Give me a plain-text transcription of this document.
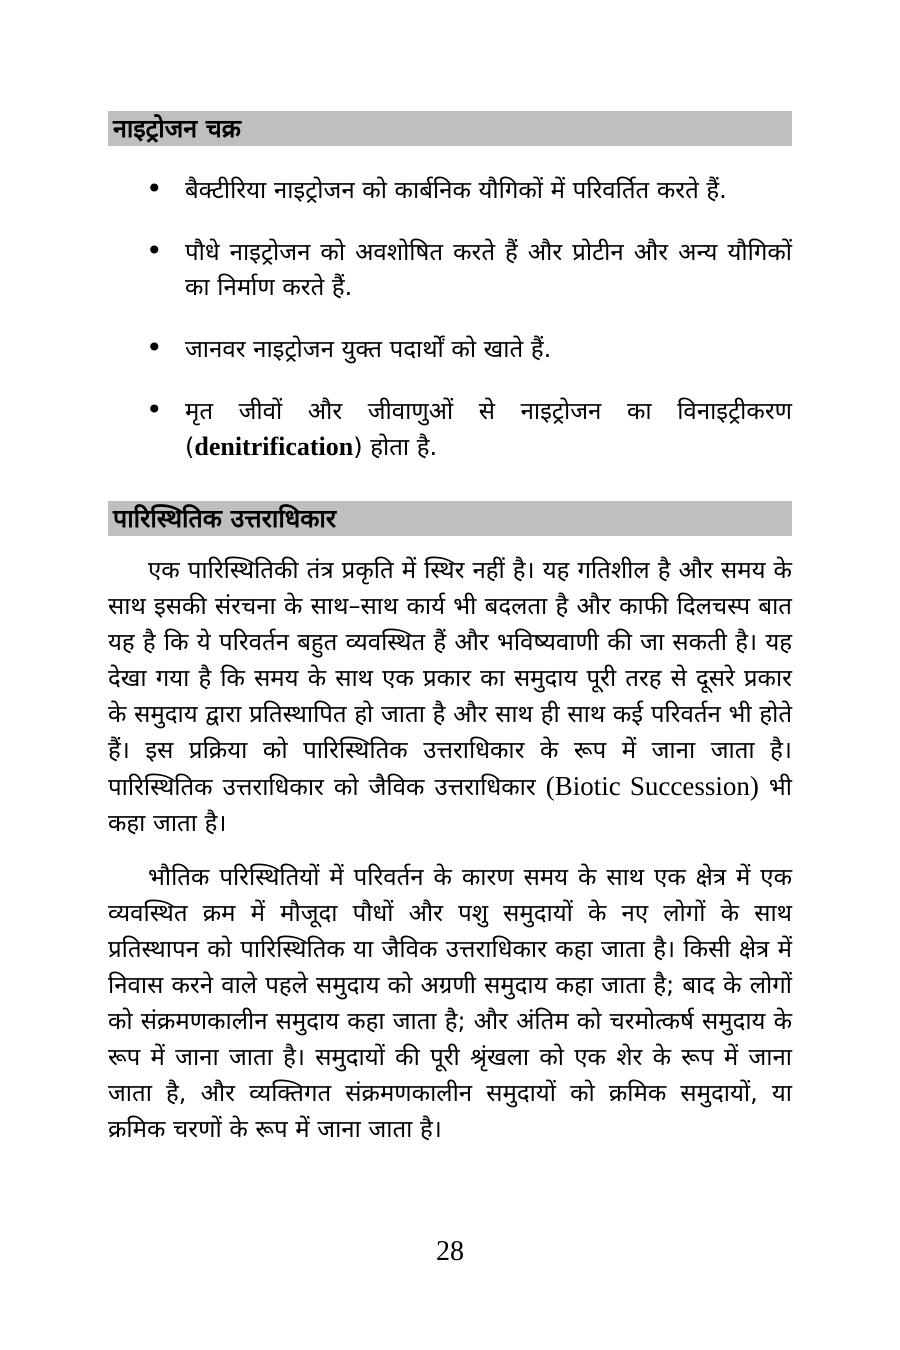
नाइट्रोजन चक्र
• बैक्टीरिया नाइट्रोजन को कार्बनिक यौगिकों में परिवर्तित करते हैं.
• पौधे नाइट्रोजन को अवशोषित करते हैं और प्रोटीन और अन्य यौगिकों का निर्माण करते हैं.
• जानवर नाइट्रोजन युक्त पदार्थों को खाते हैं.
• मृत जीवों और जीवाणुओं से नाइट्रोजन का विनाइट्रीकरण (denitrification) होता है.
पारिस्थितिक उत्तराधिकार

एक पारिस्थितिकी तंत्र प्रकृति में स्थिर नहीं है। यह गतिशील है और समय के साथ इसकी संरचना के साथ–साथ कार्य भी बदलता है और काफी दिलचस्प बात यह है कि ये परिवर्तन बहुत व्यवस्थित हैं और भविष्यवाणी की जा सकती है। यह देखा गया है कि समय के साथ एक प्रकार का समुदाय पूरी तरह से दूसरे प्रकार के समुदाय द्वारा प्रतिस्थापित हो जाता है और साथ ही साथ कई परिवर्तन भी होते हैं। इस प्रक्रिया को पारिस्थितिक उत्तराधिकार के रूप में जाना जाता है। पारिस्थितिक उत्तराधिकार को जैविक उत्तराधिकार (Biotic Succession) भी कहा जाता है।

भौतिक परिस्थितियों में परिवर्तन के कारण समय के साथ एक क्षेत्र में एक व्यवस्थित क्रम में मौजूदा पौधों और पशु समुदायों के नए लोगों के साथ प्रतिस्थापन को पारिस्थितिक या जैविक उत्तराधिकार कहा जाता है। किसी क्षेत्र में निवास करने वाले पहले समुदाय को अग्रणी समुदाय कहा जाता है; बाद के लोगों को संक्रमणकालीन समुदाय कहा जाता है; और अंतिम को चरमोत्कर्ष समुदाय के रूप में जाना जाता है। समुदायों की पूरी श्रृंखला को एक शेर के रूप में जाना जाता है, और व्यक्तिगत संक्रमणकालीन समुदायों को क्रमिक समुदायों, या क्रमिक चरणों के रूप में जाना जाता है।

28
